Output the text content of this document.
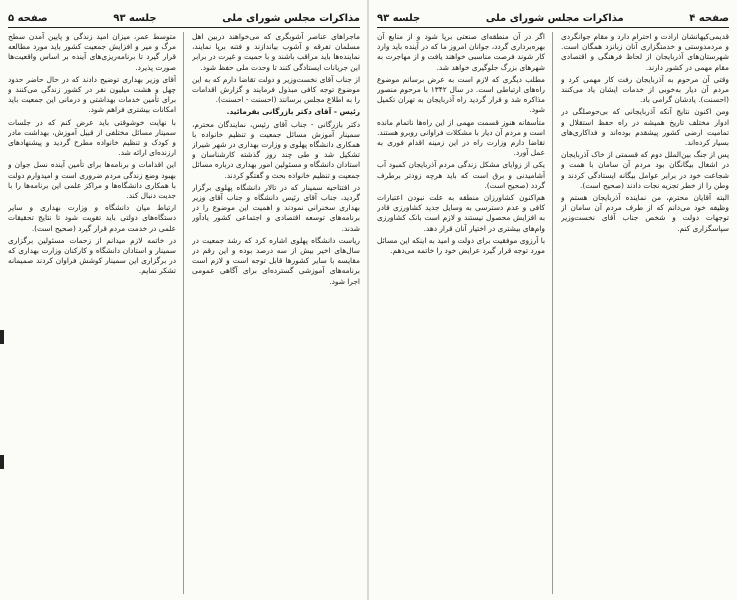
مذاکرات مجلس شورای ملی
جلسه ۹۳
صفحه ۵

ماجراهای عناصر آشوبگری که می‌خواهند دربین اهل مسلمان تفرقه و آشوب بیاندازند و فتنه برپا نمایند، نماینده‌ها باید مراقب باشند و با حمیت و غیرت در برابر این جریانات ایستادگی کنند تا وحدت ملی حفظ شود.

از جناب آقای نخست‌وزیر و دولت تقاضا دارم که به این موضوع توجه کافی مبذول فرمایند و گزارش اقدامات را به اطلاع مجلس برسانند (احسنت - احسنت).

رئیس - آقای دکتر بازرگانی بفرمائید.

دکتر بازرگانی - جناب آقای رئیس، نمایندگان محترم، سمینار آموزش مسائل جمعیت و تنظیم خانواده با همکاری دانشگاه پهلوی و وزارت بهداری در شهر شیراز تشکیل شد و طی چند روز گذشته کارشناسان و استادان دانشگاه و مسئولین امور بهداری درباره مسائل جمعیت و تنظیم خانواده بحث و گفتگو کردند.

در افتتاحیه سمینار که در تالار دانشگاه پهلوی برگزار گردید، جناب آقای رئیس دانشگاه و جناب آقای وزیر بهداری سخنرانی نمودند و اهمیت این موضوع را در برنامه‌های توسعه اقتصادی و اجتماعی کشور یادآور شدند.

ریاست دانشگاه پهلوی اشاره کرد که رشد جمعیت در سال‌های اخیر بیش از سه درصد بوده و این رقم در مقایسه با سایر کشورها قابل توجه است و لازم است برنامه‌های آموزشی گسترده‌ای برای آگاهی عمومی اجرا شود.

متوسط عمر، میزان امید زندگی و پایین آمدن سطح مرگ و میر و افزایش جمعیت کشور باید مورد مطالعه قرار گیرد تا برنامه‌ریزی‌های آینده بر اساس واقعیت‌ها صورت پذیرد.

آقای وزیر بهداری توضیح دادند که در حال حاضر حدود چهل و هشت میلیون نفر در کشور زندگی می‌کنند و برای تأمین خدمات بهداشتی و درمانی این جمعیت باید امکانات بیشتری فراهم شود.

با نهایت خوشوقتی باید عرض کنم که در جلسات سمینار مسائل مختلفی از قبیل آموزش، بهداشت مادر و کودک و تنظیم خانواده مطرح گردید و پیشنهادهای ارزنده‌ای ارائه شد.

این اقدامات و برنامه‌ها برای تأمین آینده نسل جوان و بهبود وضع زندگی مردم ضروری است و امیدوارم دولت با همکاری دانشگاه‌ها و مراکز علمی این برنامه‌ها را با جدیت دنبال کند.

ارتباط میان دانشگاه و وزارت بهداری و سایر دستگاه‌های دولتی باید تقویت شود تا نتایج تحقیقات علمی در خدمت مردم قرار گیرد (صحیح است).

در خاتمه لازم میدانم از زحمات مسئولین برگزاری سمینار و استادان دانشگاه و کارکنان وزارت بهداری که در برگزاری این سمینار کوشش فراوان کردند صمیمانه تشکر نمایم.

صفحه ۴
مذاکرات مجلس شورای ملی
جلسه ۹۳

قدیمی‌کیهانشان ارادت و احترام دارد و مقام جوانگردی و مردمدوستی و خدمتگزاری آنان زبانزد همگان است. شهرستان‌های آذربایجان از لحاظ فرهنگی و اقتصادی مقام مهمی در کشور دارند.

وقتی آن مرحوم به آذربایجان رفت کار مهمی کرد و مردم آن دیار به‌خوبی از خدمات ایشان یاد می‌کنند (احسنت). یادشان گرامی باد.

ومن اکنون نتایج آنکه آذربایجانی که بی‌حوصلگی در ادوار مختلف تاریخ همیشه در راه حفظ استقلال و تمامیت ارضی کشور پیشقدم بوده‌اند و فداکاری‌های بسیار کرده‌اند.

پس از جنگ بین‌الملل دوم که قسمتی از خاک آذربایجان در اشغال بیگانگان بود مردم آن سامان با همت و شجاعت خود در برابر عوامل بیگانه ایستادگی کردند و وطن را از خطر تجزیه نجات دادند (صحیح است).

البته آقایان محترم، من نماینده آذربایجان هستم و وظیفه خود می‌دانم که از طرف مردم آن سامان از توجهات دولت و شخص جناب آقای نخست‌وزیر سپاسگزاری کنم.

اگر در آن منطقه‌ای صنعتی برپا شود و از منابع آن بهره‌برداری گردد، جوانان امروز ما که در آینده باید وارد کار شوند فرصت مناسبی خواهند یافت و از مهاجرت به شهرهای بزرگ جلوگیری خواهد شد.

مطلب دیگری که لازم است به عرض برسانم موضوع راه‌های ارتباطی است. در سال ۱۳۴۲ با مرحوم منصور مذاکره شد و قرار گردید راه آذربایجان به تهران تکمیل شود.

متأسفانه هنوز قسمت مهمی از این راه‌ها ناتمام مانده است و مردم آن دیار با مشکلات فراوانی روبرو هستند. تقاضا دارم وزارت راه در این زمینه اقدام فوری به عمل آورد.

یکی از زوایای مشکل زندگی مردم آذربایجان کمبود آب آشامیدنی و برق است که باید هرچه زودتر برطرف گردد (صحیح است).

هم‌اکنون کشاورزان منطقه به علت نبودن اعتبارات کافی و عدم دسترسی به وسایل جدید کشاورزی قادر به افزایش محصول نیستند و لازم است بانک کشاورزی وام‌های بیشتری در اختیار آنان قرار دهد.

با آرزوی موفقیت برای دولت و امید به اینکه این مسائل مورد توجه قرار گیرد عرایض خود را خاتمه می‌دهم.
